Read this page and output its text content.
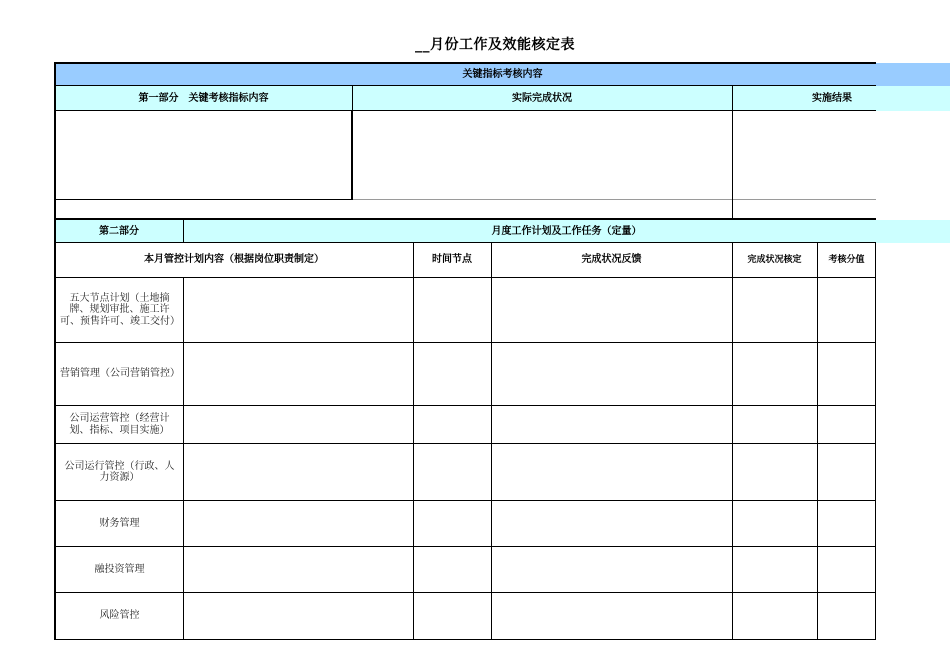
__月份工作及效能核定表
关键指标考核内容
第一部分　关键考核指标内容	实际完成状况	实施结果
第二部分	月度工作计划及工作任务（定量）
本月管控计划内容（根据岗位职责制定）	时间节点	完成状况反馈	完成状况核定	考核分值
五大节点计划（土地摘牌、规划审批、施工许可、预售许可、竣工交付）
营销管理（公司营销管控）
公司运营管控（经营计划、指标、项目实施）
公司运行管控（行政、人力资源）
财务管理
融投资管理
风险管控
